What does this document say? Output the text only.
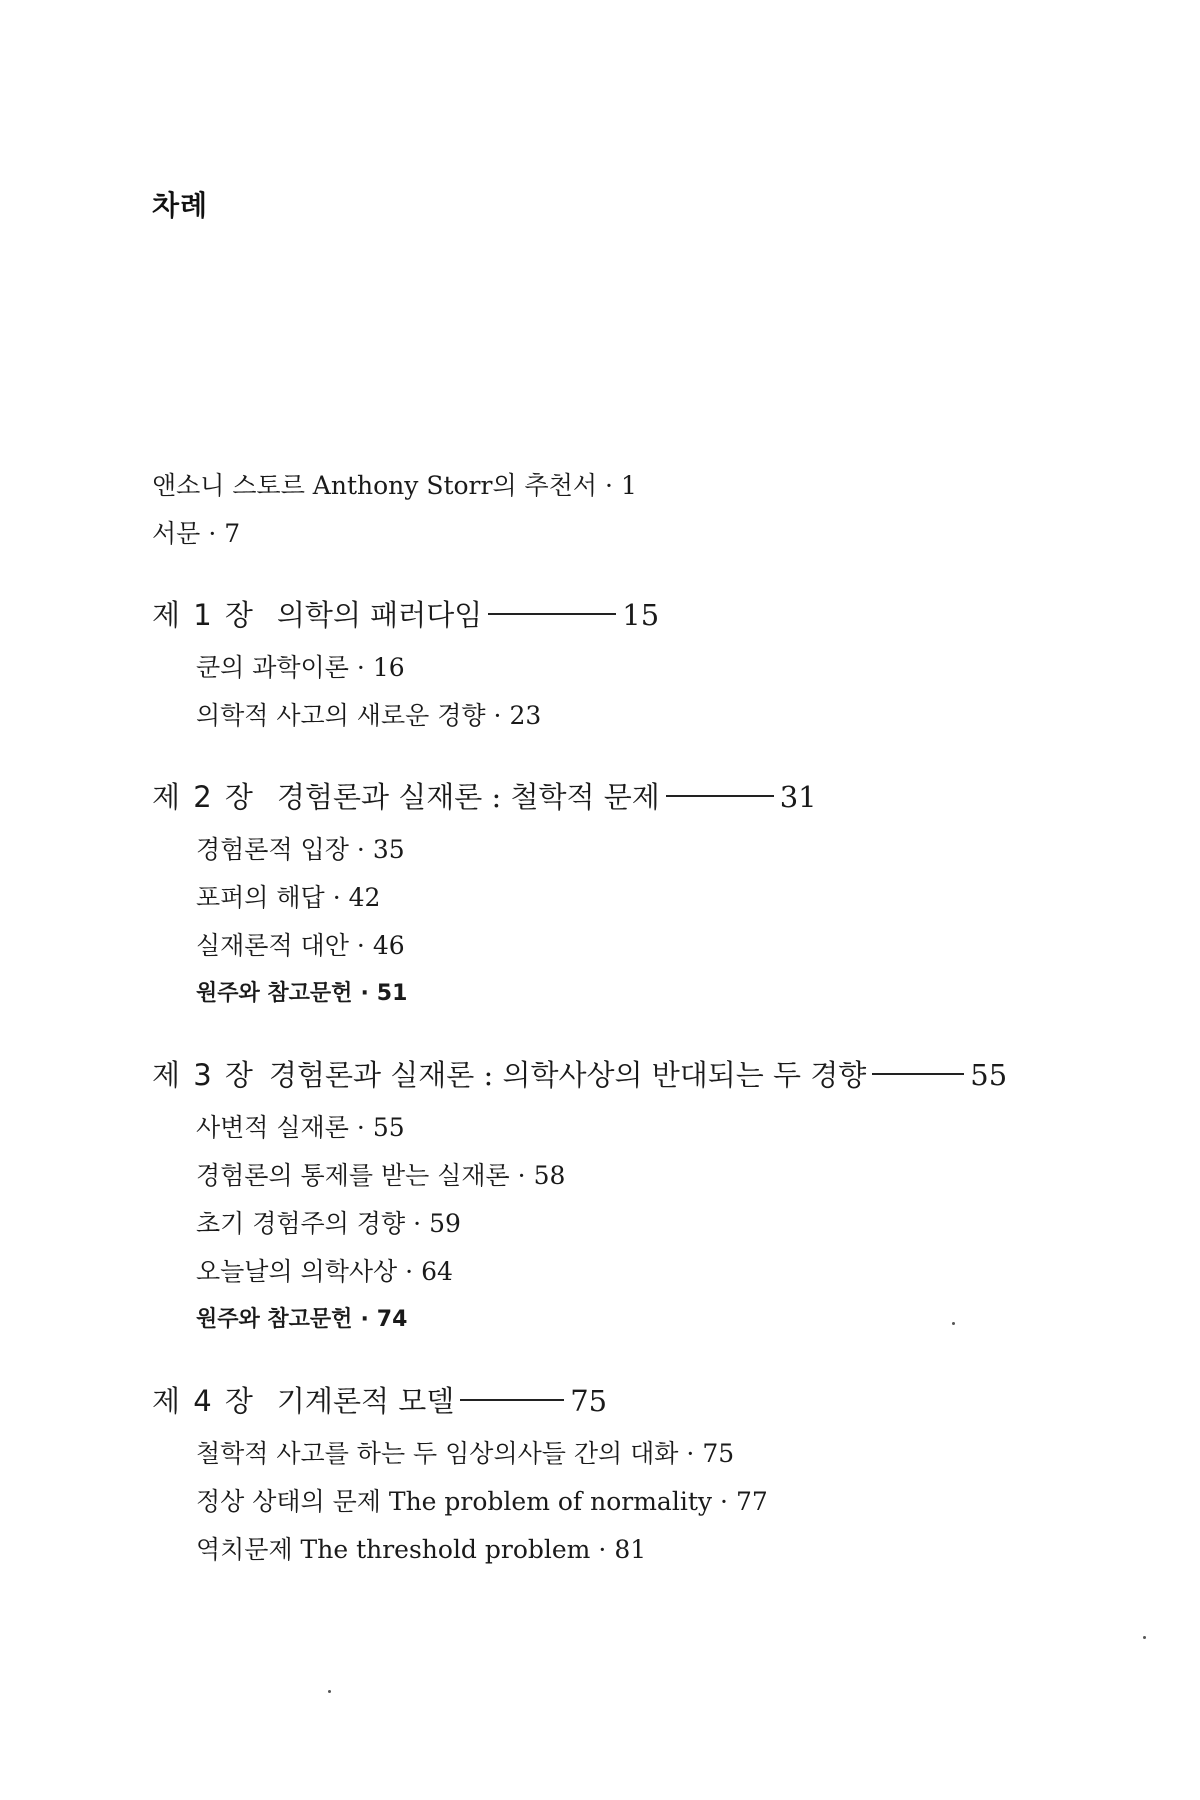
차례
앤소니 스토르 Anthony Storr의 추천서 · 1
서문 · 7
제 1 장 의학의 패러다임	15
쿤의 과학이론 · 16
의학적 사고의 새로운 경향 · 23
제 2 장 경험론과 실재론 : 철학적 문제	31
경험론적 입장 · 35
포퍼의 해답 · 42
실재론적 대안 · 46
원주와 참고문헌 · 51
제 3 장 경험론과 실재론 : 의학사상의 반대되는 두 경향	55
사변적 실재론 · 55
경험론의 통제를 받는 실재론 · 58
초기 경험주의 경향 · 59
오늘날의 의학사상 · 64
원주와 참고문헌 · 74
제 4 장 기계론적 모델	75
철학적 사고를 하는 두 임상의사들 간의 대화 · 75
정상 상태의 문제 The problem of normality · 77
역치문제 The threshold problem · 81
